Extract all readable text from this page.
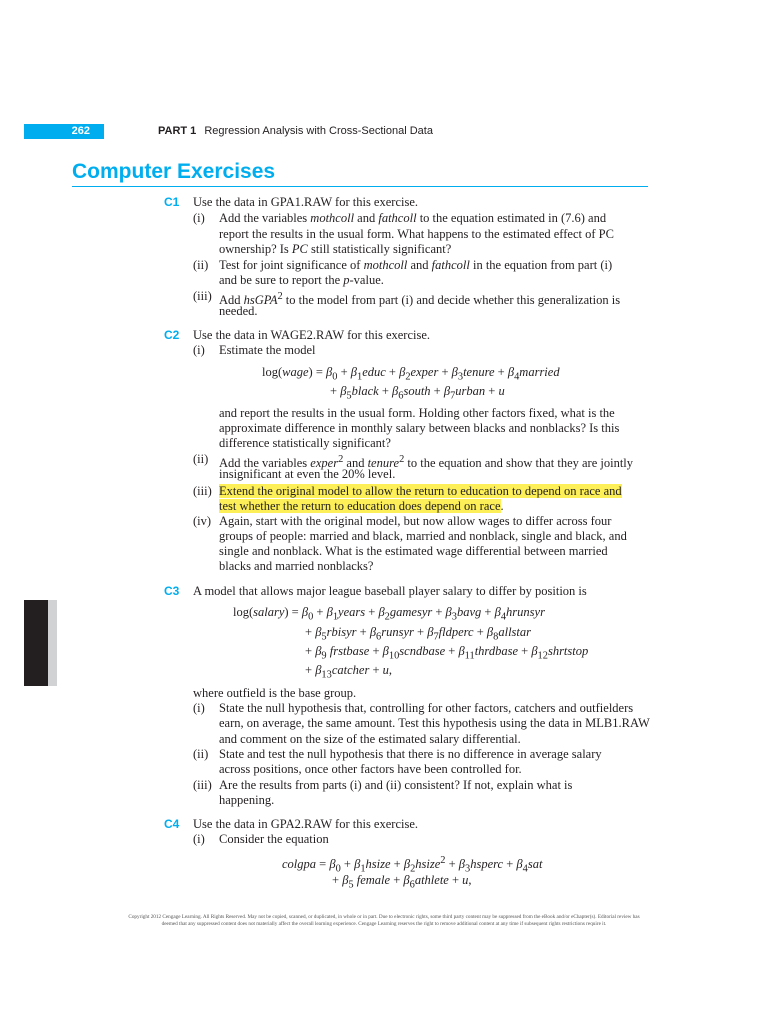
262	PART 1 Regression Analysis with Cross-Sectional Data
Computer Exercises
C1 Use the data in GPA1.RAW for this exercise.
(i) Add the variables mothcoll and fathcoll to the equation estimated in (7.6) and
report the results in the usual form. What happens to the estimated effect of PC
ownership? Is PC still statistically significant?
(ii) Test for joint significance of mothcoll and fathcoll in the equation from part (i)
and be sure to report the p-value.
(iii) Add hsGPA$^2$ to the model from part (i) and decide whether this generalization is
needed.
C2 Use the data in WAGE2.RAW for this exercise.
(i) Estimate the model
log(wage) = $\beta_0$ + $\beta_1educ$ + $\beta_2exper$ + $\beta_3tenure$ + $\beta_4married$
+ $\beta_5black$ + $\beta_6south$ + $\beta_7urban + u$
and report the results in the usual form. Holding other factors fixed, what is the
approximate difference in monthly salary between blacks and nonblacks? Is this
difference statistically significant?
(ii) Add the variables exper$^2$ and tenure$^2$ to the equation and show that they are jointly
insignificant at even the 20% level.
(iii) Extend the original model to allow the return to education to depend on race and
test whether the return to education does depend on race.
(iv) Again, start with the original model, but now allow wages to differ across four
groups of people: married and black, married and nonblack, single and black, and
single and nonblack. What is the estimated wage differential between married
blacks and married nonblacks?
C3 A model that allows major league baseball player salary to differ by position is
log(salary) = $\beta_0$ + $\beta_1years$ + $\beta_2gamesyr$ + $\beta_3bavg$ + $\beta_4hrunsyr$
+ $\beta_5rbisyr$ + $\beta_6runsyr$ + $\beta_7fldperc$ + $\beta_8allstar$
+ $\beta_9$ frstbase + $\beta_{10}scndbase$ + $\beta_{11}thrdbase$ + $\beta_{12}shrtstop$
+ $\beta_{13}catcher + u$,
where outfield is the base group.
(i) State the null hypothesis that, controlling for other factors, catchers and outfielders
earn, on average, the same amount. Test this hypothesis using the data in MLB1.RAW
and comment on the size of the estimated salary differential.
(ii) State and test the null hypothesis that there is no difference in average salary
across positions, once other factors have been controlled for.
(iii) Are the results from parts (i) and (ii) consistent? If not, explain what is
happening.
C4 Use the data in GPA2.RAW for this exercise.
(i) Consider the equation
colgpa = $\beta_0$ + $\beta_1hsize$ + $\beta_2hsize^2$ + $\beta_3hsperc + \beta_4sat$
+ $\beta_5$ female + $\beta_6athlete + u$,
Copyright 2012 Cengage Learning. All Rights Reserved. May not be copied, scanned, or duplicated, in whole or in part. Due to electronic rights, some third party content may be suppressed from the eBook and/or eChapter(s). Editorial review has
deemed that any suppressed content does not materially affect the overall learning experience. Cengage Learning reserves the right to remove additional content at any time if subsequent rights restrictions require it.
